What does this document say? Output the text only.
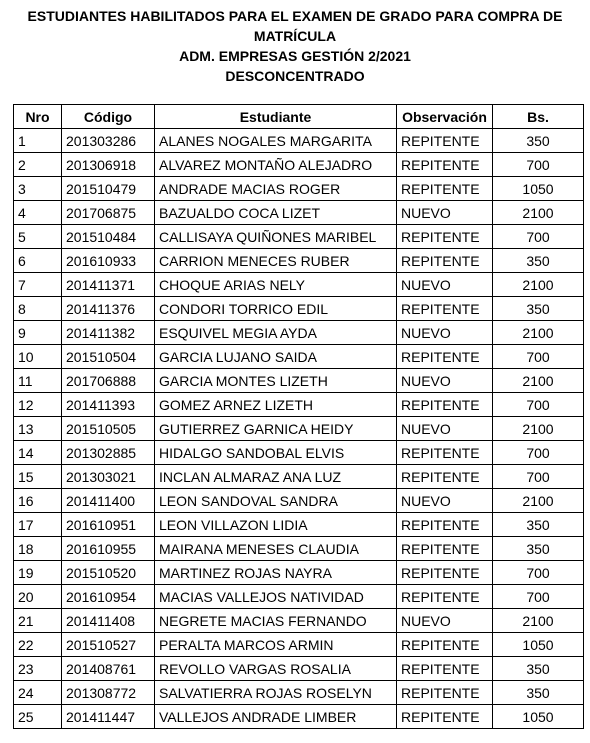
ESTUDIANTES HABILITADOS PARA EL EXAMEN DE GRADO PARA COMPRA DE
MATRÍCULA
ADM. EMPRESAS GESTIÓN 2/2021
DESCONCENTRADO
Nro	Código	Estudiante	Observación	Bs.
1	201303286	ALANES NOGALES MARGARITA	REPITENTE	350
2	201306918	ALVAREZ MONTAÑO ALEJADRO	REPITENTE	700
3	201510479	ANDRADE MACIAS ROGER	REPITENTE	1050
4	201706875	BAZUALDO COCA LIZET	NUEVO	2100
5	201510484	CALLISAYA QUIÑONES MARIBEL	REPITENTE	700
6	201610933	CARRION MENECES RUBER	REPITENTE	350
7	201411371	CHOQUE ARIAS NELY	NUEVO	2100
8	201411376	CONDORI TORRICO EDIL	REPITENTE	350
9	201411382	ESQUIVEL MEGIA AYDA	NUEVO	2100
10	201510504	GARCIA LUJANO SAIDA	REPITENTE	700
11	201706888	GARCIA MONTES LIZETH	NUEVO	2100
12	201411393	GOMEZ ARNEZ LIZETH	REPITENTE	700
13	201510505	GUTIERREZ GARNICA HEIDY	NUEVO	2100
14	201302885	HIDALGO SANDOBAL ELVIS	REPITENTE	700
15	201303021	INCLAN ALMARAZ ANA LUZ	REPITENTE	700
16	201411400	LEON SANDOVAL SANDRA	NUEVO	2100
17	201610951	LEON VILLAZON LIDIA	REPITENTE	350
18	201610955	MAIRANA MENESES CLAUDIA	REPITENTE	350
19	201510520	MARTINEZ ROJAS NAYRA	REPITENTE	700
20	201610954	MACIAS VALLEJOS NATIVIDAD	REPITENTE	700
21	201411408	NEGRETE MACIAS FERNANDO	NUEVO	2100
22	201510527	PERALTA MARCOS ARMIN	REPITENTE	1050
23	201408761	REVOLLO VARGAS ROSALIA	REPITENTE	350
24	201308772	SALVATIERRA ROJAS ROSELYN	REPITENTE	350
25	201411447	VALLEJOS ANDRADE LIMBER	REPITENTE	1050
